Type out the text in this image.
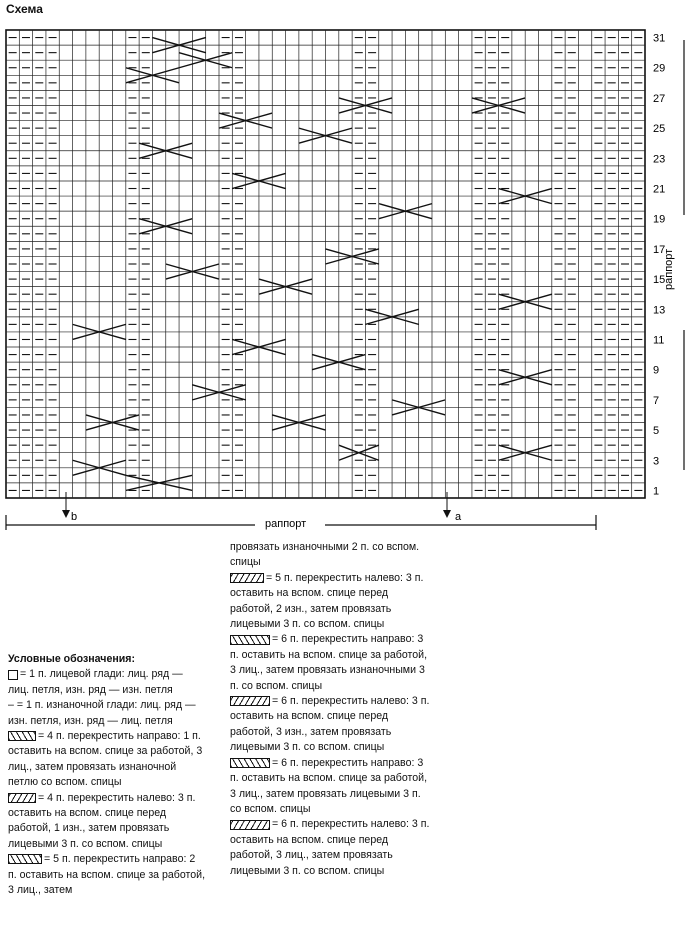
Схема
1
3
5
7
9
11
13
15
17
19
21
23
25
27
29
31
раппорт
раппорт
b	a

Условные обозначения:

= 1 п. лицевой глади: лиц. ряд — лиц. петля, изн. ряд — изн. петля

– = 1 п. изнаночной глади: лиц. ряд — изн. петля, изн. ряд — лиц. петля

= 4 п. перекрестить направо: 1 п. оставить на вспом. спице за работой, 3 лиц., затем провязать изнаночной петлю со вспом. спицы

= 4 п. перекрестить налево: 3 п. оставить на вспом. спице перед работой, 1 изн., затем провязать лицевыми 3 п. со вспом. спицы

= 5 п. перекрестить направо: 2 п. оставить на вспом. спице за работой, 3 лиц., затем

провязать изнаночными 2 п. со вспом. спицы

= 5 п. перекрестить налево: 3 п. оставить на вспом. спице перед работой, 2 изн., затем провязать лицевыми 3 п. со вспом. спицы

= 6 п. перекрестить направо: 3 п. оставить на вспом. спице за работой, 3 лиц., затем провязать изнаночными 3 п. со вспом. спицы

= 6 п. перекрестить налево: 3 п. оставить на вспом. спице перед работой, 3 изн., затем провязать лицевыми 3 п. со вспом. спицы

= 6 п. перекрестить направо: 3 п. оставить на вспом. спице за работой, 3 лиц., затем провязать лицевыми 3 п. со вспом. спицы

= 6 п. перекрестить налево: 3 п. оставить на вспом. спице перед работой, 3 лиц., затем провязать лицевыми 3 п. со вспом. спицы
